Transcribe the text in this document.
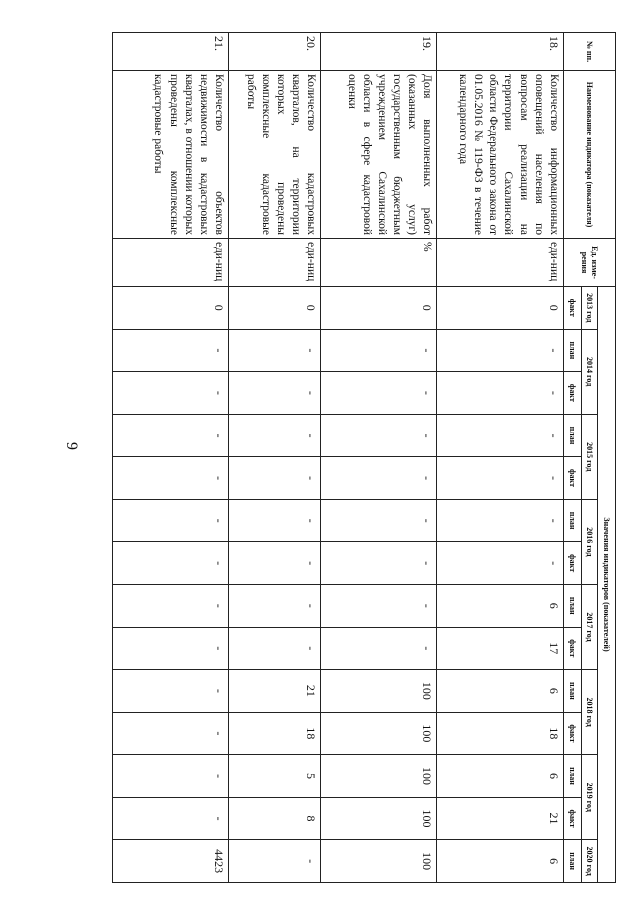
9
№ пп.	Наименование индикатора (показателя)	Ед. изме-рения	Значения индикаторов (показателей)													
			2013 год	2014 год		2015 год		2016 год		2017 год		2018 год		2019 год		2020 год
			факт	план	факт	план	факт	план	факт	план	факт	план	факт	план	факт	план
18.	Количество информационных оповещений населения по вопросам реализации на территории Сахалинской области Федерального закона от 01.05.2016 № 119-ФЗ в течение календарного года	еди-ниц	0	-	-	-	-	-	-	6	17	6	18	6	21	6
19.	Доля выполненных работ (оказанных услуг) государственным бюджетным учреждением Сахалинской области в сфере кадастровой оценки	%	0	-	-	-	-	-	-	-	-	100	100	100	100	100
20.	Количество кадастровых кварталов, на территории которых проведены комплексные кадастровые работы	еди-ниц	0	-	-	-	-	-	-	-	-	21	18	5	8	-
21.	Количество объектов недвижимости в кадастровых кварталах, в отношении которых проведены комплексные кадастровые работы	еди-ниц	0	-	-	-	-	-	-	-	-	-	-	-	-	4423
